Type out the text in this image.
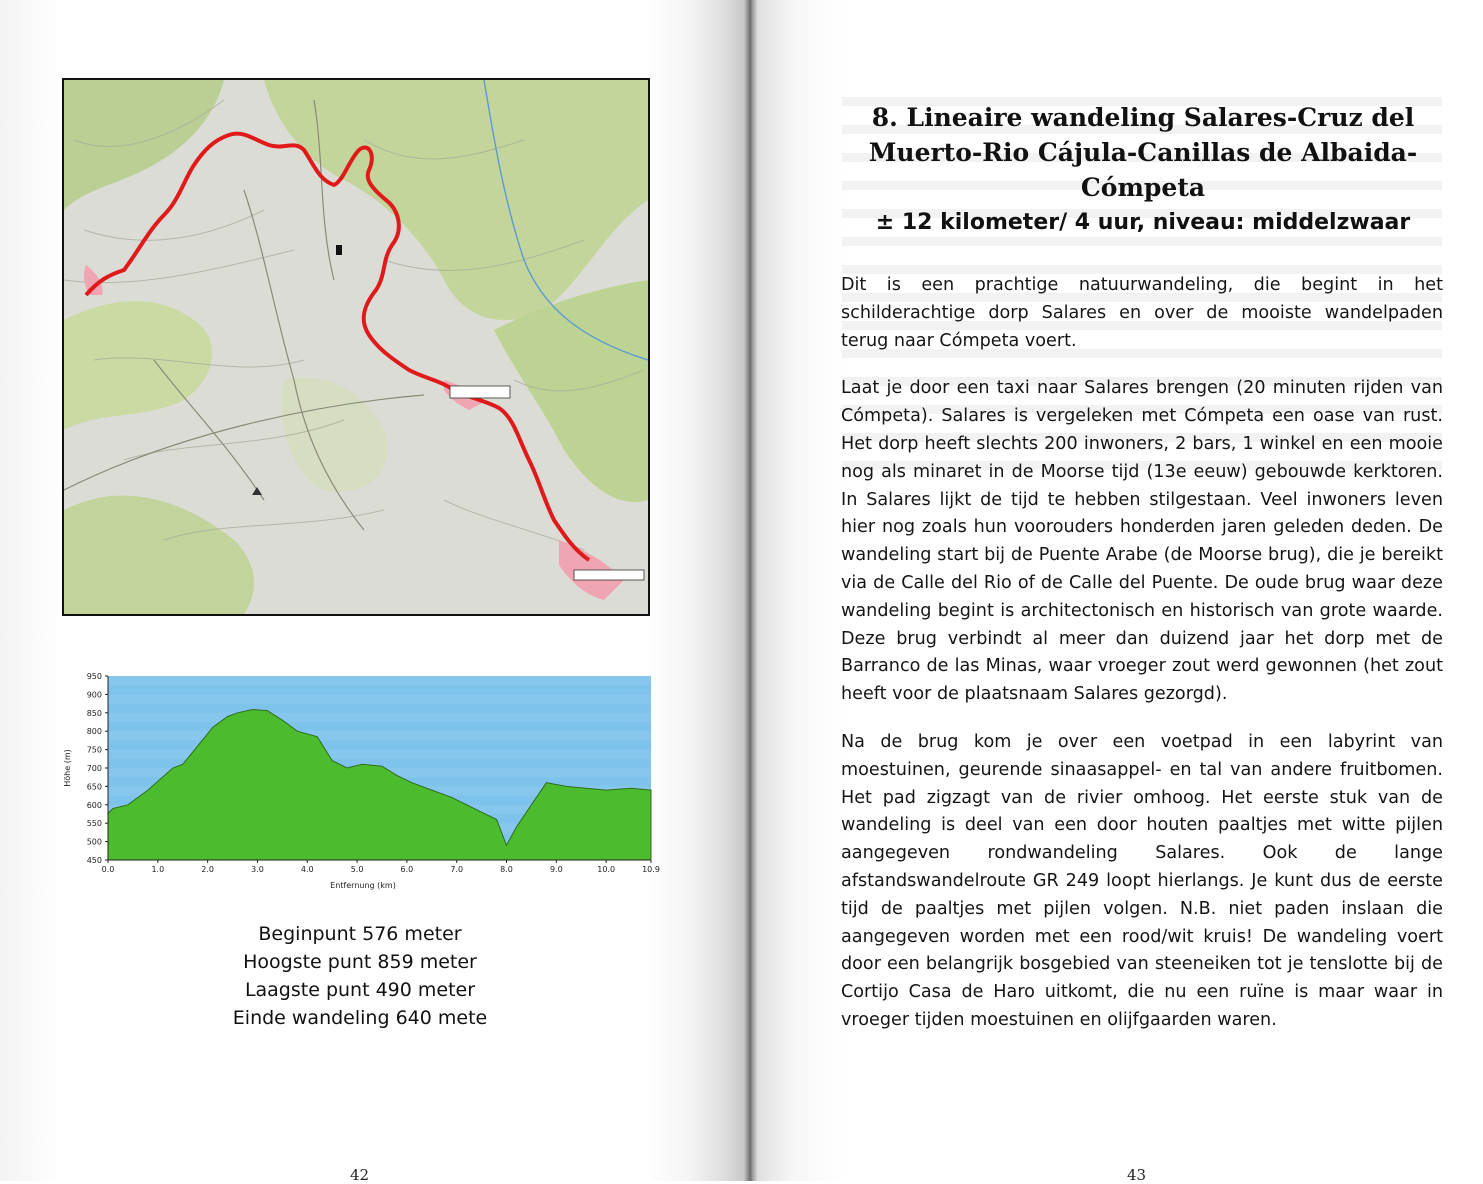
950
900
850
800
750
700
650
600
550
500
450
0.0	1.0	2.0	3.0	4.0	5.0	6.0	7.0	8.0	9.0	10.0	10.9
Höhe (m)
Entfernung (km)
Beginpunt 576 meter
Hoogste punt 859 meter
Laagste punt 490 meter
Einde wandeling 640 mete
42
8. Lineaire wandeling Salares-Cruz del
Muerto-Rio Cájula-Canillas de Albaida-
Cómpeta
± 12 kilometer/ 4 uur, niveau: middelzwaar

Dit is een prachtige natuurwandeling, die begint in het schilderachtige dorp Salares en over de mooiste wandelpaden terug naar Cómpeta voert.

Laat je door een taxi naar Salares brengen (20 minuten rijden van Cómpeta). Salares is vergeleken met Cómpeta een oase van rust. Het dorp heeft slechts 200 inwoners, 2 bars, 1 winkel en een mooie nog als minaret in de Moorse tijd (13e eeuw) gebouwde kerktoren. In Salares lijkt de tijd te hebben stilgestaan. Veel inwoners leven hier nog zoals hun voorouders honderden jaren geleden deden. De wandeling start bij de Puente Arabe (de Moorse brug), die je bereikt via de Calle del Rio of de Calle del Puente. De oude brug waar deze wandeling begint is architectonisch en historisch van grote waarde. Deze brug verbindt al meer dan duizend jaar het dorp met de Barranco de las Minas, waar vroeger zout werd gewonnen (het zout heeft voor de plaatsnaam Salares gezorgd).

Na de brug kom je over een voetpad in een labyrint van moestuinen, geurende sinaasappel- en tal van andere fruitbomen. Het pad zigzagt van de rivier omhoog. Het eerste stuk van de wandeling is deel van een door houten paaltjes met witte pijlen aangegeven rondwandeling Salares. Ook de lange afstandswandelroute GR 249 loopt hierlangs. Je kunt dus de eerste tijd de paaltjes met pijlen volgen. N.B. niet paden inslaan die aangegeven worden met een rood/wit kruis! De wandeling voert door een belangrijk bosgebied van steeneiken tot je tenslotte bij de Cortijo Casa de Haro uitkomt, die nu een ruïne is maar waar in vroeger tijden moestuinen en olijfgaarden waren.

43
